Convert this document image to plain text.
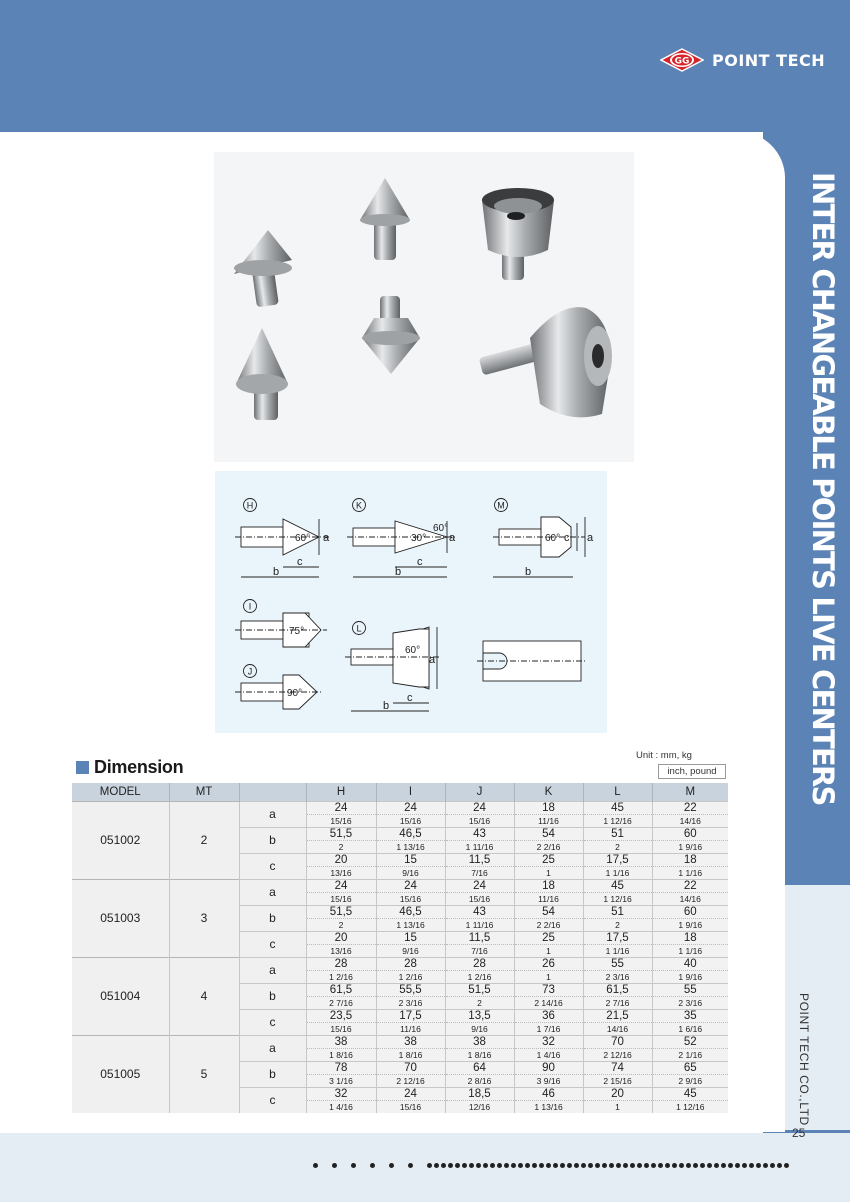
GG POINT TECH
INTER CHANGEABLE POINTS LIVE CENTERS
POINT TECH CO.,LTD
25
H
60° a
c
b
K
30°
60°
a
c
b
M
60° c a
b
I
75°
J
90°
L
60°
a
c
b
Dimension
Unit : mm, kg
inch, pound
MODEL	MT		H	I	J	K	L	M
051002	2	a	24	24	24	18	45	22
			15/16	15/16	15/16	11/16	1 12/16	14/16
		b	51,5	46,5	43	54	51	60
			2	1 13/16	1 11/16	2 2/16	2	1 9/16
		c	20	15	11,5	25	17,5	18
			13/16	9/16	7/16	1	1 1/16	1 1/16
051003	3	a	24	24	24	18	45	22
			15/16	15/16	15/16	11/16	1 12/16	14/16
		b	51,5	46,5	43	54	51	60
			2	1 13/16	1 11/16	2 2/16	2	1 9/16
		c	20	15	11,5	25	17,5	18
			13/16	9/16	7/16	1	1 1/16	1 1/16
051004	4	a	28	28	28	26	55	40
			1 2/16	1 2/16	1 2/16	1	2 3/16	1 9/16
		b	61,5	55,5	51,5	73	61,5	55
			2 7/16	2 3/16	2	2 14/16	2 7/16	2 3/16
		c	23,5	17,5	13,5	36	21,5	35
			15/16	11/16	9/16	1 7/16	14/16	1 6/16
051005	5	a	38	38	38	32	70	52
			1 8/16	1 8/16	1 8/16	1 4/16	2 12/16	2 1/16
		b	78	70	64	90	74	65
			3 1/16	2 12/16	2 8/16	3 9/16	2 15/16	2 9/16
		c	32	24	18,5	46	20	45
			1 4/16	15/16	12/16	1 13/16	1	1 12/16
